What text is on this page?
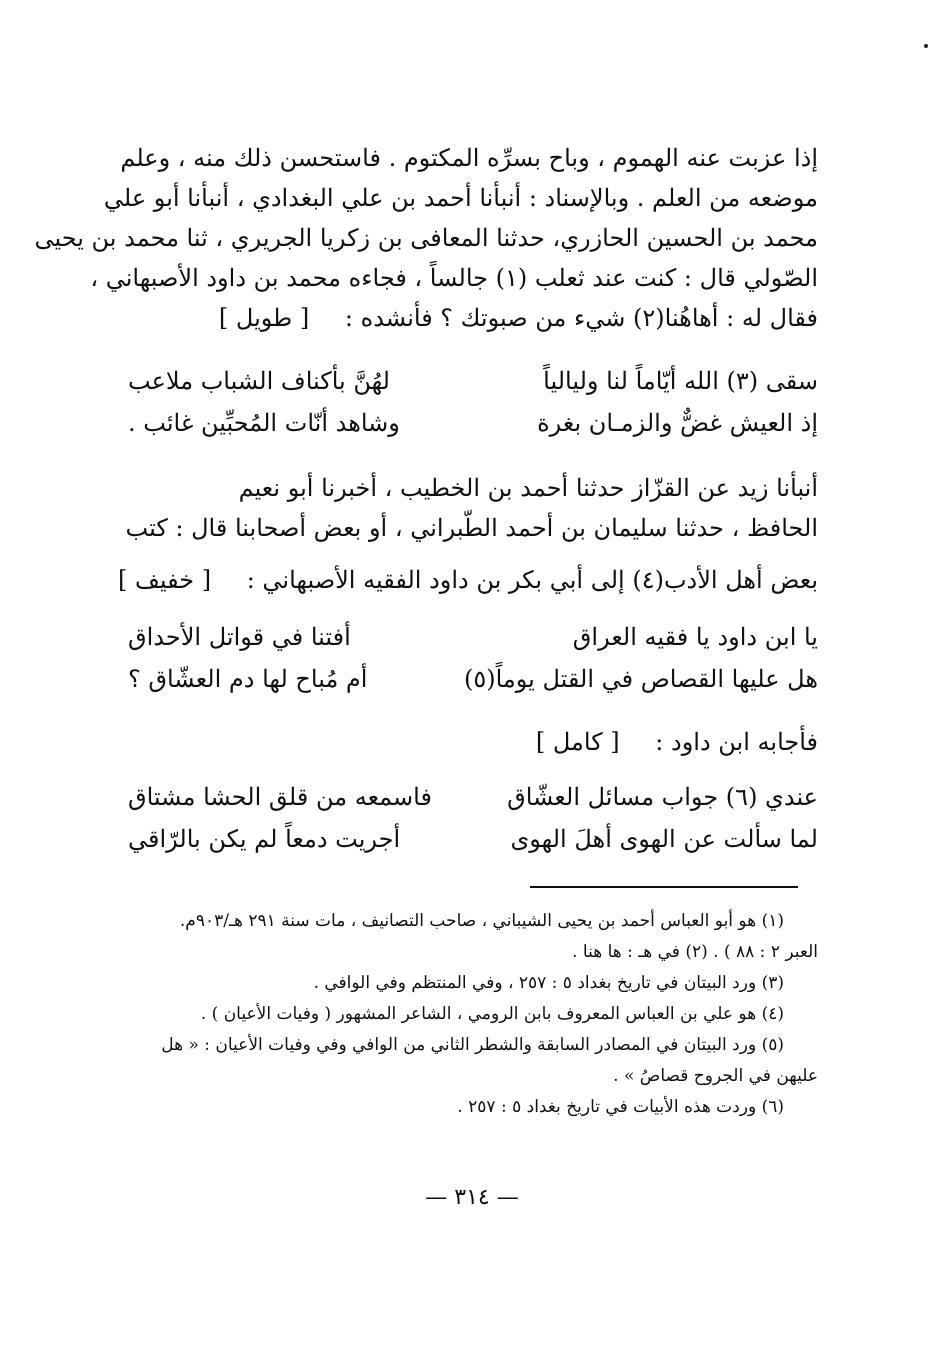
إذا عزبت عنه الهموم ، وباح بسرِّه المكتوم . فاستحسن ذلك منه ، وعلم
موضعه من العلم . وبالإسناد : أنبأنا أحمد بن علي البغدادي ، أنبأنا أبو علي
محمد بن الحسين الحازري، حدثنا المعافى بن زكريا الجريري ، ثنا محمد بن يحيى
الصّولي قال : كنت عند ثعلب (١) جالساً ، فجاءه محمد بن داود الأصبهاني ،
فقال له : أهاهُنا(٢) شيء من صبوتك ؟ فأنشده : [ طويل ]
سقى (٣) الله أيّاماً لنا وليالياً
لهُنَّ بأكناف الشباب ملاعب
إذ العيش غضٌّ والزمـان بغرة
وشاهد أنّات المُحبِّين غائب .
أنبأنا زيد عن القزّاز حدثنا أحمد بن الخطيب ، أخبرنا أبو نعيم
الحافظ ، حدثنا سليمان بن أحمد الطّبراني ، أو بعض أصحابنا قال : كتب
بعض أهل الأدب(٤) إلى أبي بكر بن داود الفقيه الأصبهاني : [ خفيف ]
يا ابن داود يا فقيه العراق
أفتنا في قواتل الأحداق
هل عليها القصاص في القتل يوماً(٥)
أم مُباح لها دم العشّاق ؟
فأجابه ابن داود : [ كامل ]
عندي (٦) جواب مسائل العشّاق
فاسمعه من قلق الحشا مشتاق
لما سألت عن الهوى أهلَ الهوى
أجريت دمعاً لم يكن بالرّاقي
(١) هو أبو العباس أحمد بن يحيى الشيباني ، صاحب التصانيف ، مات سنة ٢٩١ هـ/٩٠٣م.
العبر ٢ : ٨٨ ) . (٢) في هـ : ها هنا .
(٣) ورد البيتان في تاريخ بغداد ٥ : ٢٥٧ ، وفي المنتظم وفي الوافي .
(٤) هو علي بن العباس المعروف بابن الرومي ، الشاعر المشهور ( وفيات الأعيان ) .
(٥) ورد البيتان في المصادر السابقة والشطر الثاني من الوافي وفي وفيات الأعيان : « هل
عليهن في الجروح قصاصُ » .
(٦) وردت هذه الأبيات في تاريخ بغداد ٥ : ٢٥٧ .
— ٣١٤ —
